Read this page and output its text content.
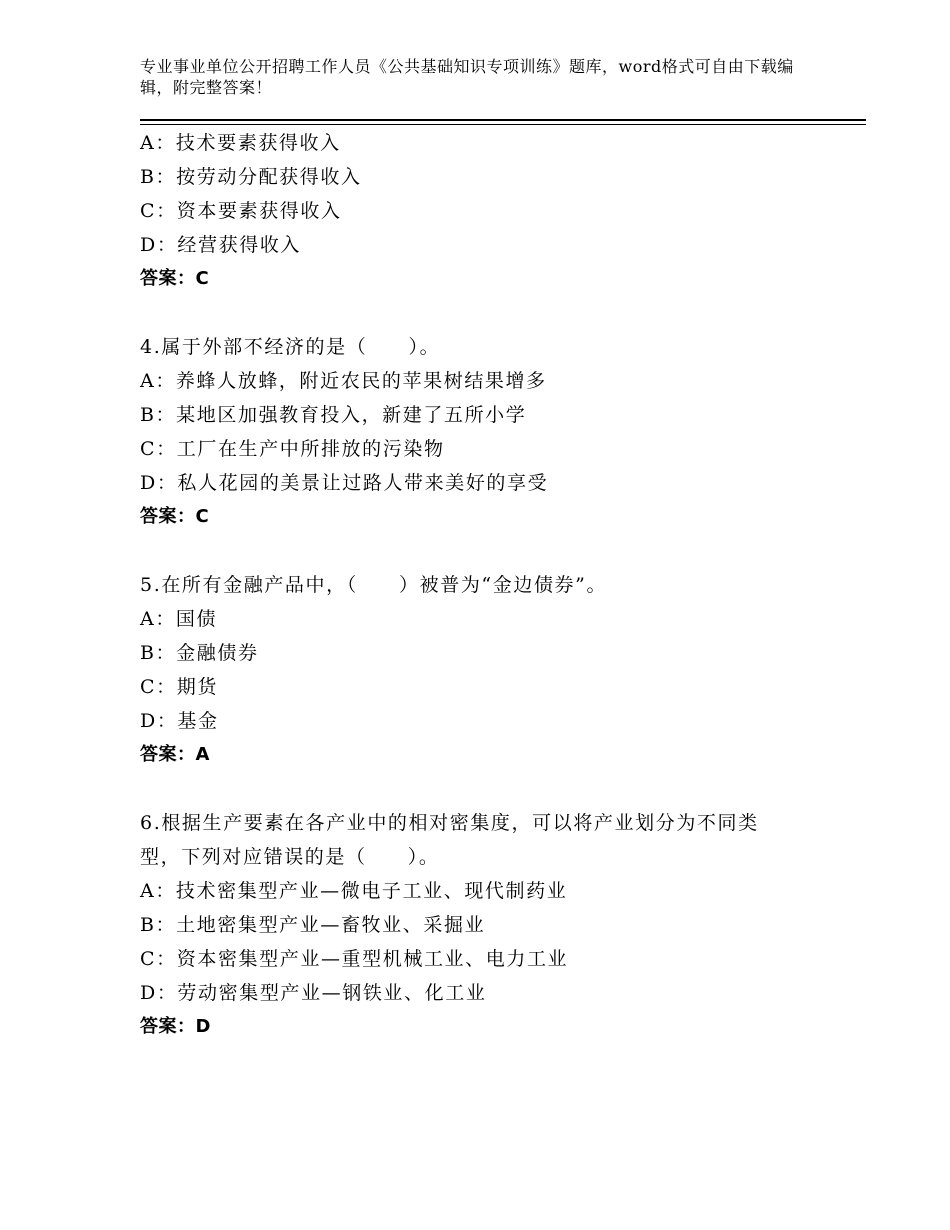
专业事业单位公开招聘工作人员《公共基础知识专项训练》题库，word格式可自由下载编辑，附完整答案！
A：技术要素获得收入
B：按劳动分配获得收入
C：资本要素获得收入
D：经营获得收入
答案：C
4.属于外部不经济的是（　　）。
A：养蜂人放蜂，附近农民的苹果树结果增多
B：某地区加强教育投入，新建了五所小学
C：工厂在生产中所排放的污染物
D：私人花园的美景让过路人带来美好的享受
答案：C
5.在所有金融产品中，（　　）被普为“金边债券”。
A：国债
B：金融债券
C：期货
D：基金
答案：A
6.根据生产要素在各产业中的相对密集度，可以将产业划分为不同类
型，下列对应错误的是（　　）。
A：技术密集型产业—微电子工业、现代制药业
B：土地密集型产业—畜牧业、采掘业
C：资本密集型产业—重型机械工业、电力工业
D：劳动密集型产业—钢铁业、化工业
答案：D
